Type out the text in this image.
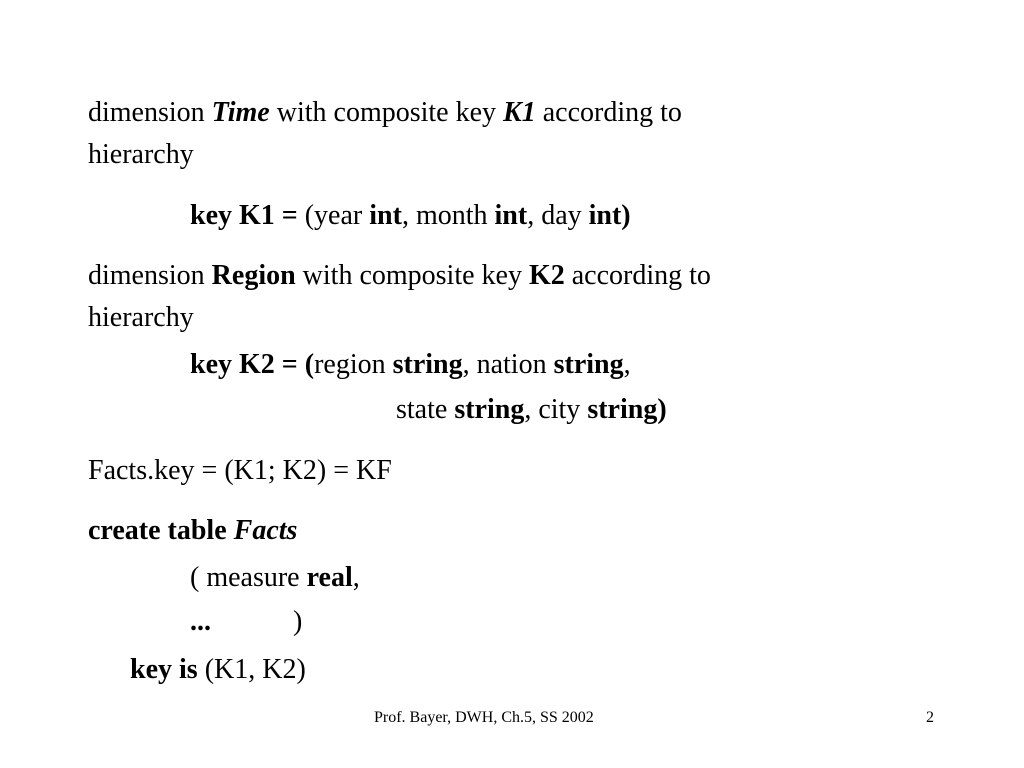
dimension Time with composite key K1 according to
hierarchy
key K1 = (year int, month int, day int)
dimension Region with composite key K2 according to
hierarchy
key K2 = (region string, nation string,
state string, city string)
Facts.key = (K1; K2) = KF
create table Facts
( measure real,
...	)
key is (K1, K2)
Prof. Bayer, DWH, Ch.5, SS 2002	2
